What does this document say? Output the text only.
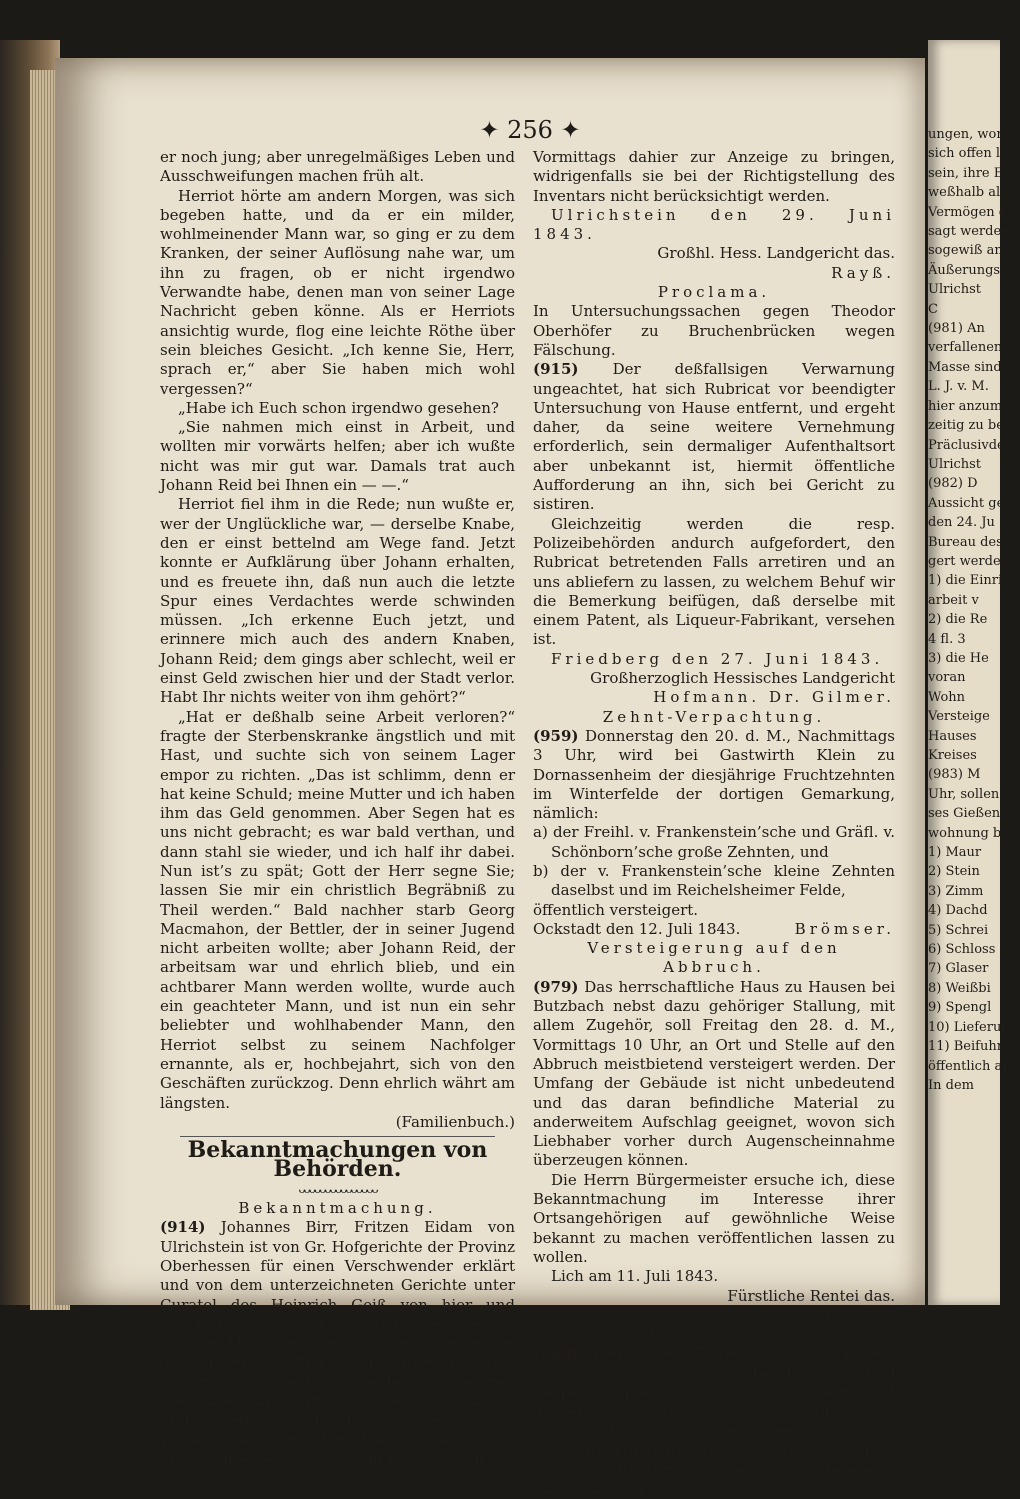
✦ 256 ✦

er noch jung; aber unregelmäßiges Leben und Ausschweifungen machen früh alt.

Herriot hörte am andern Morgen, was sich begeben hatte, und da er ein milder, wohlmeinender Mann war, so ging er zu dem Kranken, der seiner Auflösung nahe war, um ihn zu fragen, ob er nicht irgendwo Verwandte habe, denen man von seiner Lage Nachricht geben könne. Als er Herriots ansichtig wurde, flog eine leichte Röthe über sein bleiches Gesicht. „Ich kenne Sie, Herr, sprach er,“ aber Sie haben mich wohl vergessen?“

„Habe ich Euch schon irgendwo gesehen?

„Sie nahmen mich einst in Arbeit, und wollten mir vorwärts helfen; aber ich wußte nicht was mir gut war. Damals trat auch Johann Reid bei Ihnen ein — —.“

Herriot fiel ihm in die Rede; nun wußte er, wer der Unglückliche war, — derselbe Knabe, den er einst bettelnd am Wege fand. Jetzt konnte er Aufklärung über Johann erhalten, und es freuete ihn, daß nun auch die letzte Spur eines Verdachtes werde schwinden müssen. „Ich erkenne Euch jetzt, und erinnere mich auch des andern Knaben, Johann Reid; dem gings aber schlecht, weil er einst Geld zwischen hier und der Stadt verlor. Habt Ihr nichts weiter von ihm gehört?“

„Hat er deßhalb seine Arbeit verloren?“ fragte der Sterbenskranke ängstlich und mit Hast, und suchte sich von seinem Lager empor zu richten. „Das ist schlimm, denn er hat keine Schuld; meine Mutter und ich haben ihm das Geld genommen. Aber Segen hat es uns nicht gebracht; es war bald verthan, und dann stahl sie wieder, und ich half ihr dabei. Nun ist’s zu spät; Gott der Herr segne Sie; lassen Sie mir ein christlich Begräbniß zu Theil werden.“ Bald nachher starb Georg Macmahon, der Bettler, der in seiner Jugend nicht arbeiten wollte; aber Johann Reid, der arbeitsam war und ehrlich blieb, und ein achtbarer Mann werden wollte, wurde auch ein geachteter Mann, und ist nun ein sehr beliebter und wohlhabender Mann, den Herriot selbst zu seinem Nachfolger ernannte, als er, hochbejahrt, sich von den Geschäften zurückzog. Denn ehrlich währt am längsten.

(Familienbuch.)

Bekanntmachungen von Behörden.

ᴗᴗᴗᴗᴗᴗᴗᴗᴗᴗᴗᴗᴗᴗᴗ

Bekanntmachung.

(914) Johannes Birr, Fritzen Eidam von Ulrichstein ist von Gr. Hofgerichte der Provinz Oberhessen für einen Verschwender erklärt und von dem unterzeichneten Gerichte unter Curatel des Heinrich Geiß von hier und Heinrich Peuscher von Langwasser gestellt worden. Man bringt dies mit dem Anfügen zur öffentlichen Kenntniß, daß Johannes Birr ohne Zustimmung seiner beiden Curatoren Rechtsgeschäfte giltig nicht eingehen kann, und fordert zugleich alle diejenigen, welche Forderungen an denselben haben, auf, dieselben sogewiß im Termin den 8. August,

Vormittags dahier zur Anzeige zu bringen, widrigenfalls sie bei der Richtigstellung des Inventars nicht berücksichtigt werden.

Ulrichstein den 29. Juni 1843.

Großhl. Hess. Landgericht das.

Rayß.

Proclama.

In Untersuchungssachen gegen Theodor Oberhöfer zu Bruchenbrücken wegen Fälschung.

(915) Der deßfallsigen Verwarnung ungeachtet, hat sich Rubricat vor beendigter Untersuchung von Hause entfernt, und ergeht daher, da seine weitere Vernehmung erforderlich, sein dermaliger Aufenthaltsort aber unbekannt ist, hiermit öffentliche Aufforderung an ihn, sich bei Gericht zu sistiren.

Gleichzeitig werden die resp. Polizeibehörden andurch aufgefordert, den Rubricat betretenden Falls arretiren und an uns abliefern zu lassen, zu welchem Behuf wir die Bemerkung beifügen, daß derselbe mit einem Patent, als Liqueur-Fabrikant, versehen ist.

Friedberg den 27. Juni 1843.

Großherzoglich Hessisches Landgericht

Hofmann. Dr. Gilmer.

Zehnt-Verpachtung.

(959) Donnerstag den 20. d. M., Nachmittags 3 Uhr, wird bei Gastwirth Klein zu Dornassenheim der diesjährige Fruchtzehnten im Winterfelde der dortigen Gemarkung, nämlich:

a) der Freihl. v. Frankenstein’sche und Gräfl. v. Schönborn’sche große Zehnten, und

b) der v. Frankenstein’sche kleine Zehnten daselbst und im Reichelsheimer Felde,

öffentlich versteigert.

Ockstadt den 12. Juli 1843.	Brömser.

Versteigerung auf den Abbruch.

(979) Das herrschaftliche Haus zu Hausen bei Butzbach nebst dazu gehöriger Stallung, mit allem Zugehör, soll Freitag den 28. d. M., Vormittags 10 Uhr, an Ort und Stelle auf den Abbruch meistbietend versteigert werden. Der Umfang der Gebäude ist nicht unbedeutend und das daran befindliche Material zu anderweitem Aufschlag geeignet, wovon sich Liebhaber vorher durch Augenscheinnahme überzeugen können.

Die Herrn Bürgermeister ersuche ich, diese Bekanntmachung im Interesse ihrer Ortsangehörigen auf gewöhnliche Weise bekannt zu machen veröffentlichen lassen zu wollen.

Lich am 11. Juli 1843.

Fürstliche Rentei das.

Kratz.

Edictalladung.

(980) Abel Dickels Eheleute und die beiden großjährigen Söhne 1ter Ehe, Johannes und Caspar Spilemann von Stumpertenrod beabsichtigen über das in den Flur- und Grundbüchern auf ihren Namen stehende, theils in Stumpertenröder, theils in Feldaer und Köddinger Gemarkung belegene Immobiliar-Ver-

ungen, worüb
sich offen lieg
sein, ihre Ei
weßhalb alle
Vermögen di
sagt werden,
sogewiß anz
Äußerungsur
Ulrichst
C
(981) An
verfallenen S
Masse sind
L. J. v. M.
hier anzumel
zeitig zu be
Präclusivdecr
Ulrichst
(982) D
Aussicht ge
den 24. Ju
Bureau des
gert werden
1) die Einri
arbeit v
2) die Re
4 fl. 3
3) die He
voran
Wohn
Versteige
Hauses
Kreises
(983) M
Uhr, sollen
ses Gießen
wohnung b
1) Maur
2) Stein
3) Zimm
4) Dachd
5) Schrei
6) Schloss
7) Glaser
8) Weißbi
9) Spengl
10) Lieferun
11) Beifuhr
öffentlich an
In dem
